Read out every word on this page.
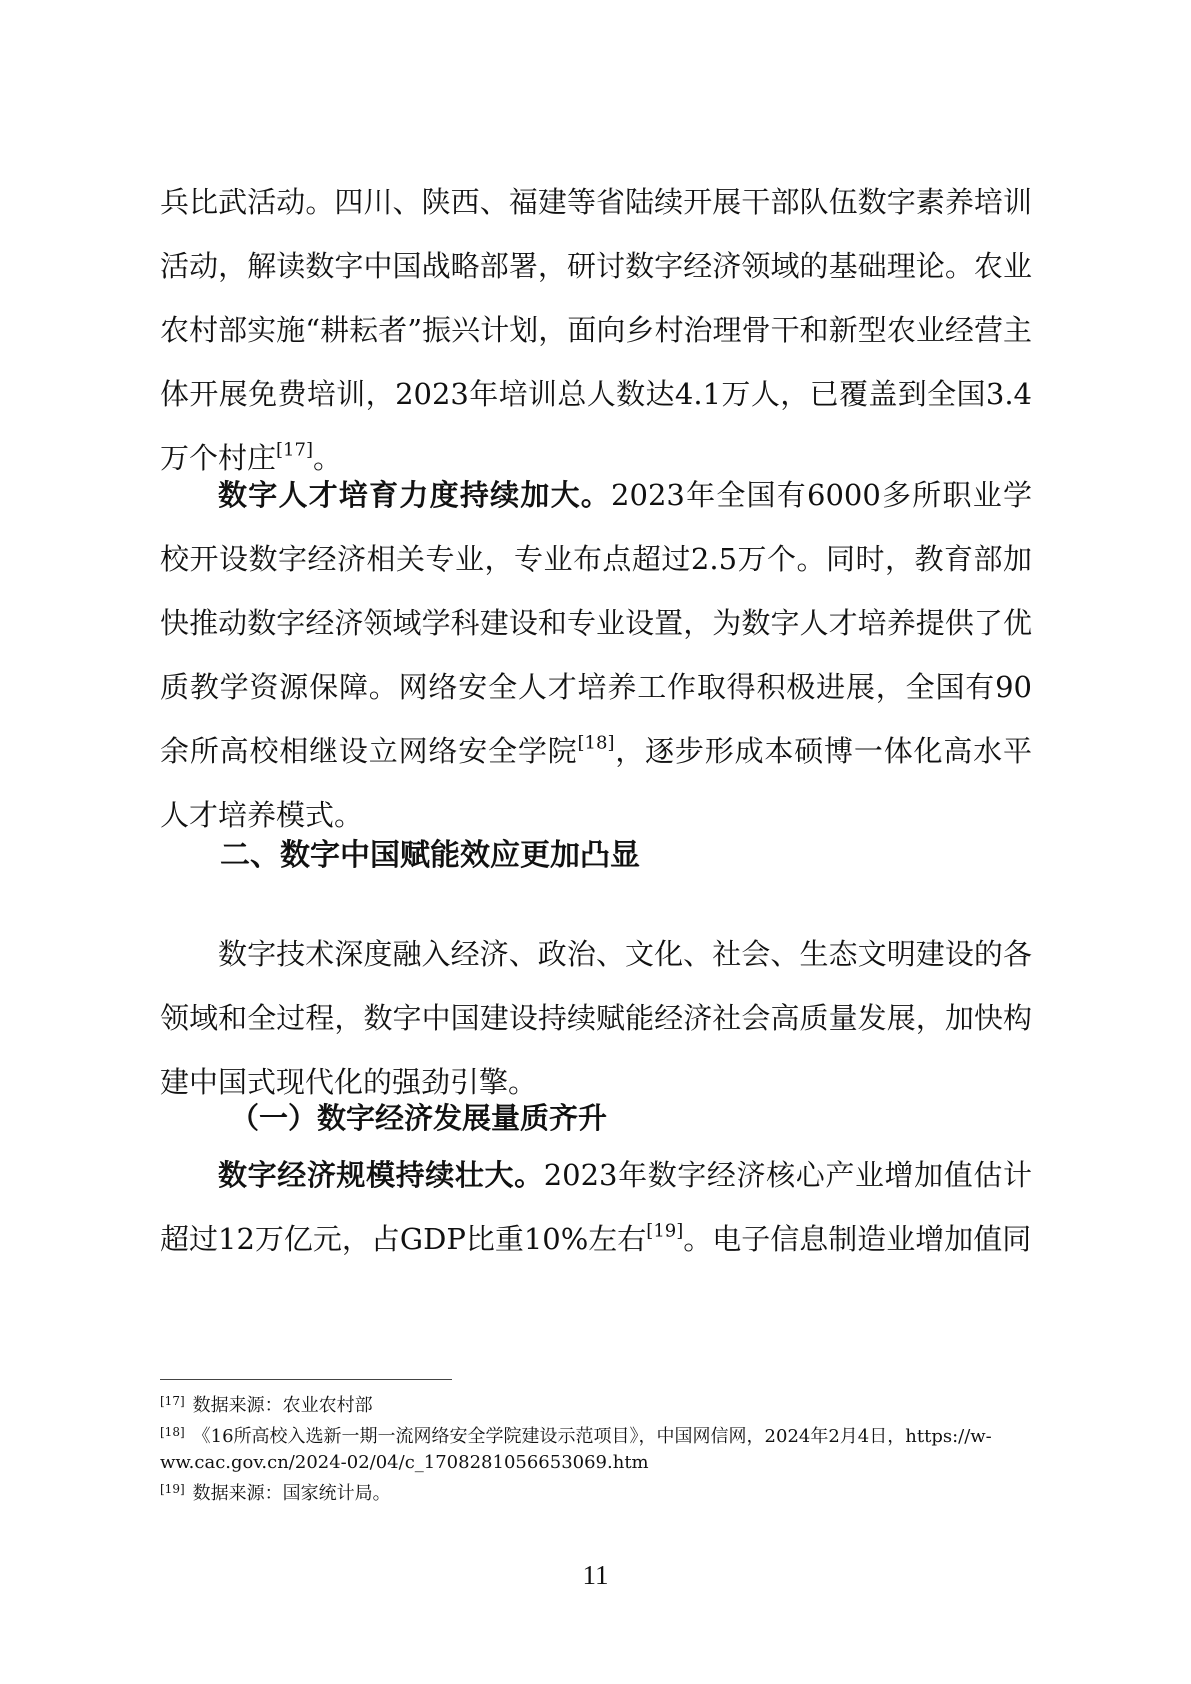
兵比武活动。四川、陕西、福建等省陆续开展干部队伍数字素养培训活动，解读数字中国战略部署，研讨数字经济领域的基础理论。农业农村部实施“耕耘者”振兴计划，面向乡村治理骨干和新型农业经营主体开展免费培训，2023年培训总人数达4.1万人，已覆盖到全国3.4万个村庄[17]。

数字人才培育力度持续加大。2023年全国有6000多所职业学校开设数字经济相关专业，专业布点超过2.5万个。同时，教育部加快推动数字经济领域学科建设和专业设置，为数字人才培养提供了优质教学资源保障。网络安全人才培养工作取得积极进展，全国有90余所高校相继设立网络安全学院[18]，逐步形成本硕博一体化高水平人才培养模式。

二、数字中国赋能效应更加凸显

数字技术深度融入经济、政治、文化、社会、生态文明建设的各领域和全过程，数字中国建设持续赋能经济社会高质量发展，加快构建中国式现代化的强劲引擎。

（一）数字经济发展量质齐升

数字经济规模持续壮大。2023年数字经济核心产业增加值估计超过12万亿元，占GDP比重10%左右[19]。电子信息制造业增加值同

[17] 数据来源：农业农村部

[18] 《16所高校入选新一期一流网络安全学院建设示范项目》，中国网信网，2024年2月4日，https://w-ww.cac.gov.cn/2024-02/04/c_1708281056653069.htm

[19] 数据来源：国家统计局。

11
